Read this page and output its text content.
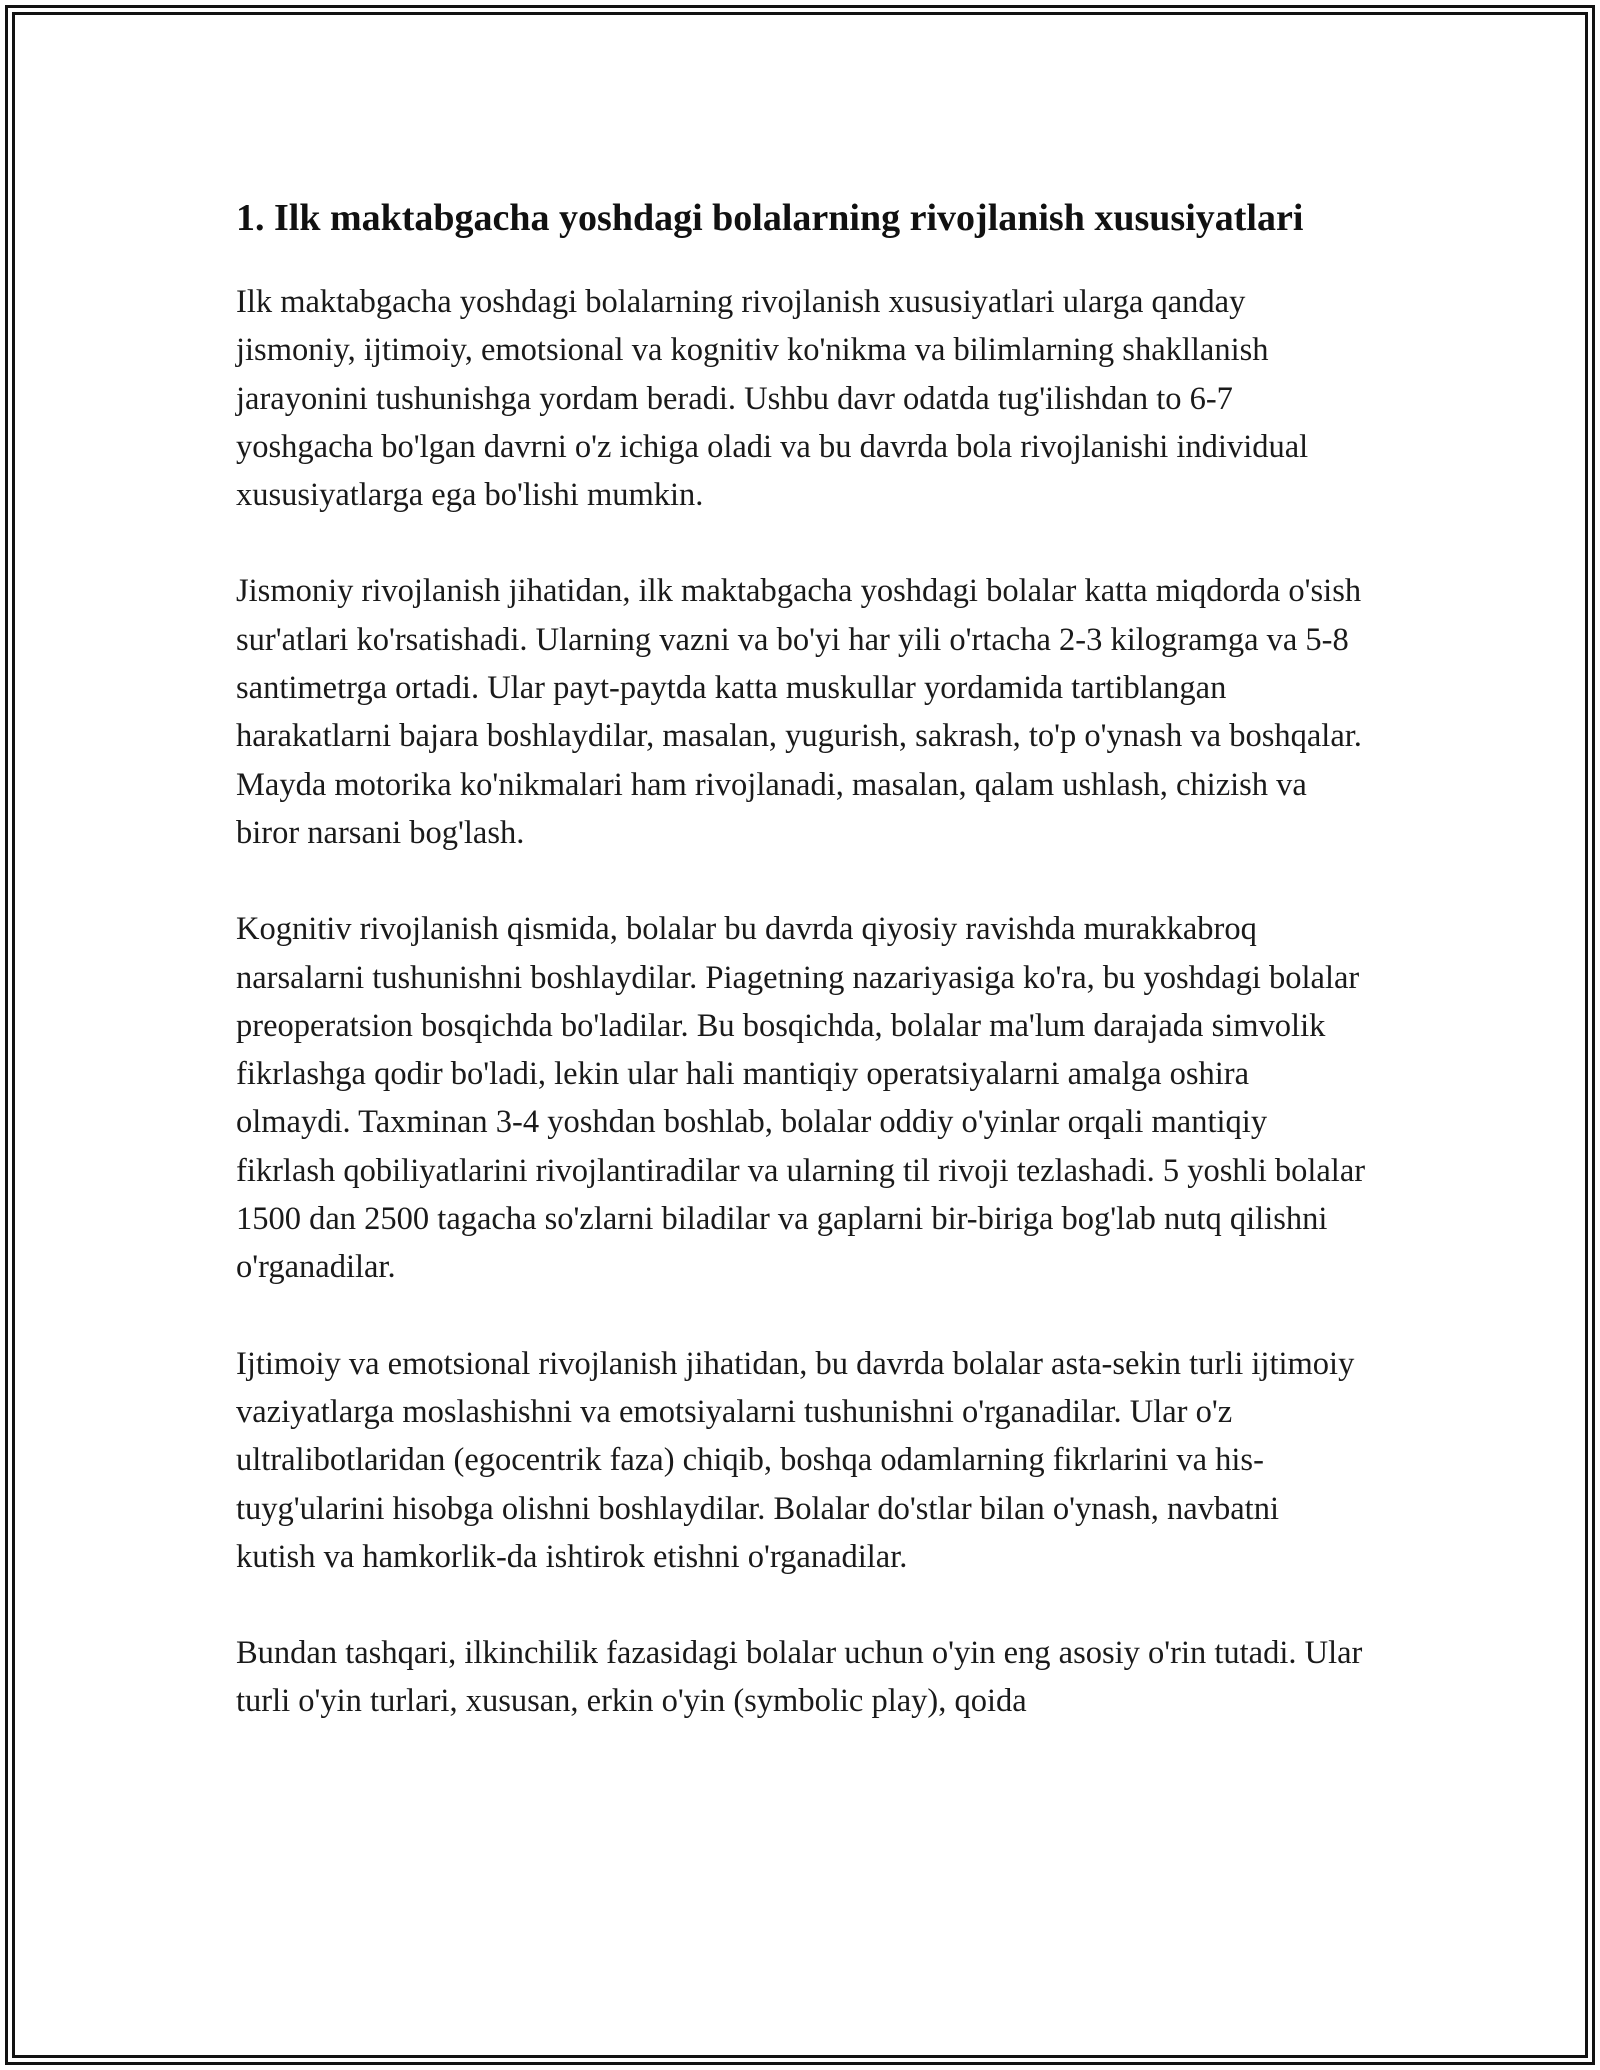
1. Ilk maktabgacha yoshdagi bolalarning rivojlanish xususiyatlari

Ilk maktabgacha yoshdagi bolalarning rivojlanish xususiyatlari ularga qanday jismoniy, ijtimoiy, emotsional va kognitiv ko'nikma va bilimlarning shakllanish jarayonini tushunishga yordam beradi. Ushbu davr odatda tug'ilishdan to 6-7 yoshgacha bo'lgan davrni o'z ichiga oladi va bu davrda bola rivojlanishi individual xususiyatlarga ega bo'lishi mumkin.

Jismoniy rivojlanish jihatidan, ilk maktabgacha yoshdagi bolalar katta miqdorda o'sish sur'atlari ko'rsatishadi. Ularning vazni va bo'yi har yili o'rtacha 2-3 kilogramga va 5-8 santimetrga ortadi. Ular payt-paytda katta muskullar yordamida tartiblangan harakatlarni bajara boshlaydilar, masalan, yugurish, sakrash, to'p o'ynash va boshqalar. Mayda motorika ko'nikmalari ham rivojlanadi, masalan, qalam ushlash, chizish va biror narsani bog'lash.

Kognitiv rivojlanish qismida, bolalar bu davrda qiyosiy ravishda murakkabroq narsalarni tushunishni boshlaydilar. Piagetning nazariyasiga ko'ra, bu yoshdagi bolalar preoperatsion bosqichda bo'ladilar. Bu bosqichda, bolalar ma'lum darajada simvolik fikrlashga qodir bo'ladi, lekin ular hali mantiqiy operatsiyalarni amalga oshira olmaydi. Taxminan 3-4 yoshdan boshlab, bolalar oddiy o'yinlar orqali mantiqiy fikrlash qobiliyatlarini rivojlantiradilar va ularning til rivoji tezlashadi. 5 yoshli bolalar 1500 dan 2500 tagacha so'zlarni biladilar va gaplarni bir-biriga bog'lab nutq qilishni o'rganadilar.

Ijtimoiy va emotsional rivojlanish jihatidan, bu davrda bolalar asta-sekin turli ijtimoiy vaziyatlarga moslashishni va emotsiyalarni tushunishni o'rganadilar. Ular o'z ultralibotlaridan (egocentrik faza) chiqib, boshqa odamlarning fikrlarini va his-tuyg'ularini hisobga olishni boshlaydilar. Bolalar do'stlar bilan o'ynash, navbatni kutish va hamkorlik-da ishtirok etishni o'rganadilar.

Bundan tashqari, ilkinchilik fazasidagi bolalar uchun o'yin eng asosiy o'rin tutadi. Ular turli o'yin turlari, xususan, erkin o'yin (symbolic play), qoida
